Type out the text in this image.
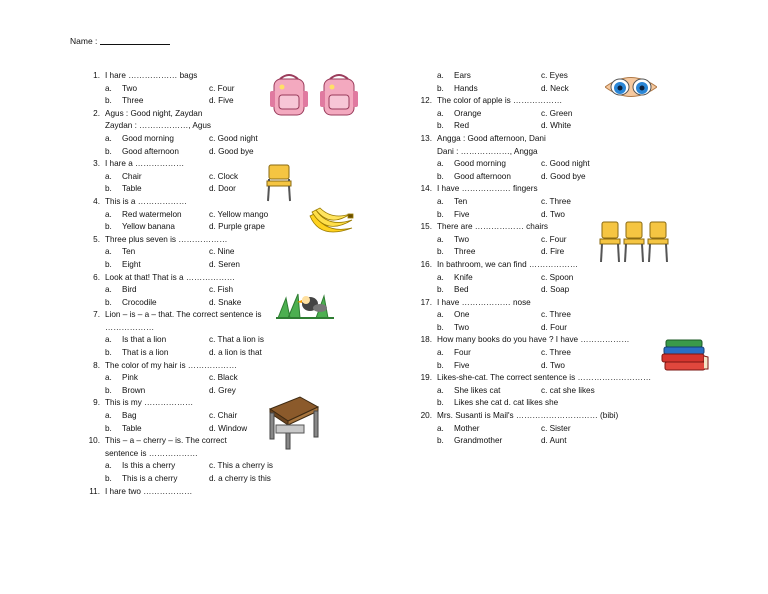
Name :
1. I hare ……………… bags
a. Two	c. Four
b. Three	d. Five
2. Agus : Good night, Zaydan
Zaydan : ………………, Agus
a. Good morning	c. Good night
b. Good afternoon	d. Good bye
3. I hare a ………………
a. Chair	c. Clock
b. Table	d. Door
4. This is a ………………
a. Red watermelon	c. Yellow mango
b. Yellow banana	d. Purple grape
5. Three plus seven is ………………
a. Ten	c. Nine
b. Eight	d. Seren
6. Look at that! That is a ………………
a. Bird	c. Fish
b. Crocodile	d. Snake
7. Lion – is – a – that. The correct sentence is
………………
a. Is that a lion	c. That a lion is
b. That is a lion	d. a lion is that
8. The color of my hair is ………………
a. Pink	c. Black
b. Brown	d. Grey
9. This is my ………………
a. Bag	c. Chair
b. Table	d. Window
10. This – a – cherry – is. The correct
sentence is ………………
a. Is this a cherry	c. This a cherry is
b. This is a cherry	d. a cherry is this
11. I hare two ………………
a. Ears	c. Eyes
b. Hands	d. Neck
12. The color of apple is ………………
a. Orange	c. Green
b. Red	d. White
13. Angga : Good afternoon, Dani
Dani : ………………, Angga
a. Good morning	c. Good night
b. Good afternoon	d. Good bye
14. I have ……………… fingers
a. Ten	c. Three
b. Five	d. Two
15. There are ……………… chairs
a. Two	c. Four
b. Three	d. Fire
16. In bathroom, we can find ………………
a. Knife	c. Spoon
b. Bed	d. Soap
17. I have ……………… nose
a. One	c. Three
b. Two	d. Four
18. How many books do you have ? I have ………………
a. Four	c. Three
b. Five	d. Two
19. Likes-she-cat. The correct sentence is ………………………
a. She likes cat	c. cat she likes
b. Likes she cat d. cat likes she
20. Mrs. Susanti is Mail's ………………………… (bibi)
a. Mother	c. Sister
b. Grandmother	d. Aunt
